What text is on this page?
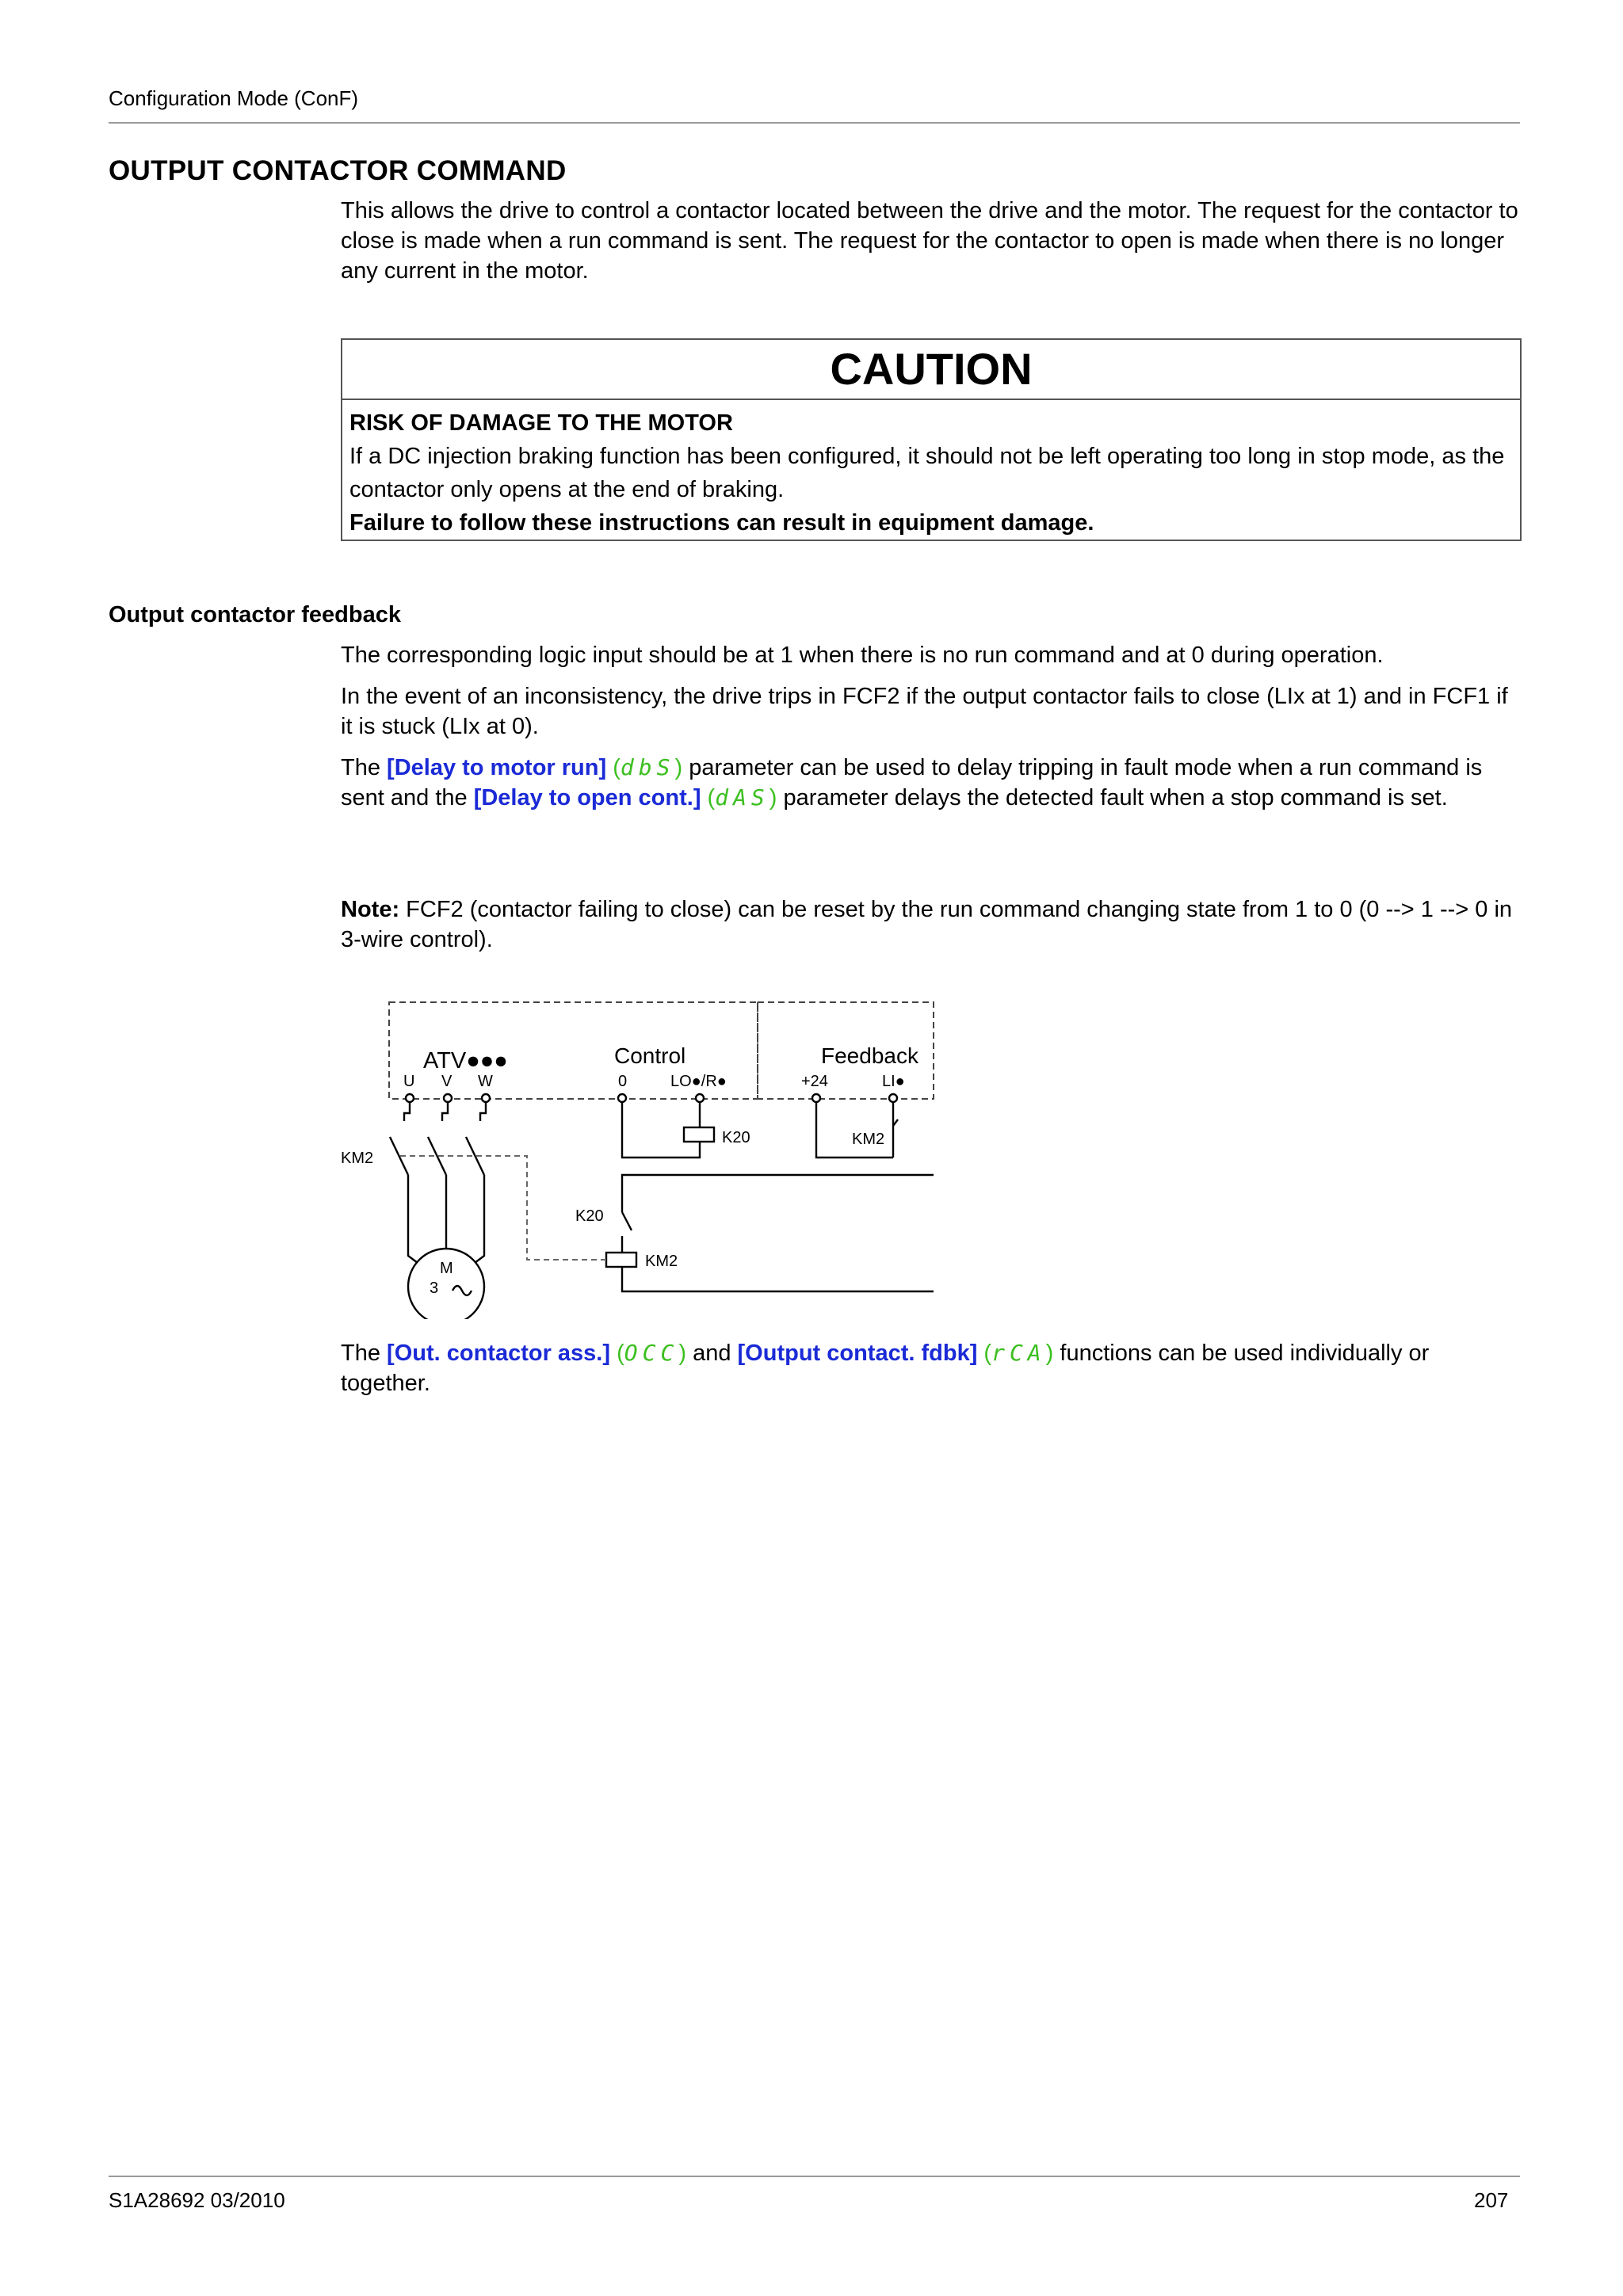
Configuration Mode (ConF)
OUTPUT CONTACTOR COMMAND

This allows the drive to control a contactor located between the drive and the motor. The request for the contactor to close is made when a run command is sent. The request for the contactor to open is made when there is no longer any current in the motor.

CAUTION
RISK OF DAMAGE TO THE MOTOR
If a DC injection braking function has been configured, it should not be left operating too long in stop mode, as the contactor only opens at the end of braking.
Failure to follow these instructions can result in equipment damage.
Output contactor feedback

The corresponding logic input should be at 1 when there is no run command and at 0 during operation.

In the event of an inconsistency, the drive trips in FCF2 if the output contactor fails to close (LIx at 1) and in FCF1 if it is stuck (LIx at 0).

The [Delay to motor run] (dbS) parameter can be used to delay tripping in fault mode when a run command is sent and the [Delay to open cont.] (dAS) parameter delays the detected fault when a stop command is set.

Note: FCF2 (contactor failing to close) can be reset by the run command changing state from 1 to 0 (0 --> 1 --> 0 in 3-wire control).

ATV●●●	Control	Feedback
U V W	0	LO●/R●	+24	LI●
K20	KM2
KM2
K20
KM2
M
3

The [Out. contactor ass.] (OCC) and [Output contact. fdbk] (rCA) functions can be used individually or together.

S1A28692 03/2010	207
